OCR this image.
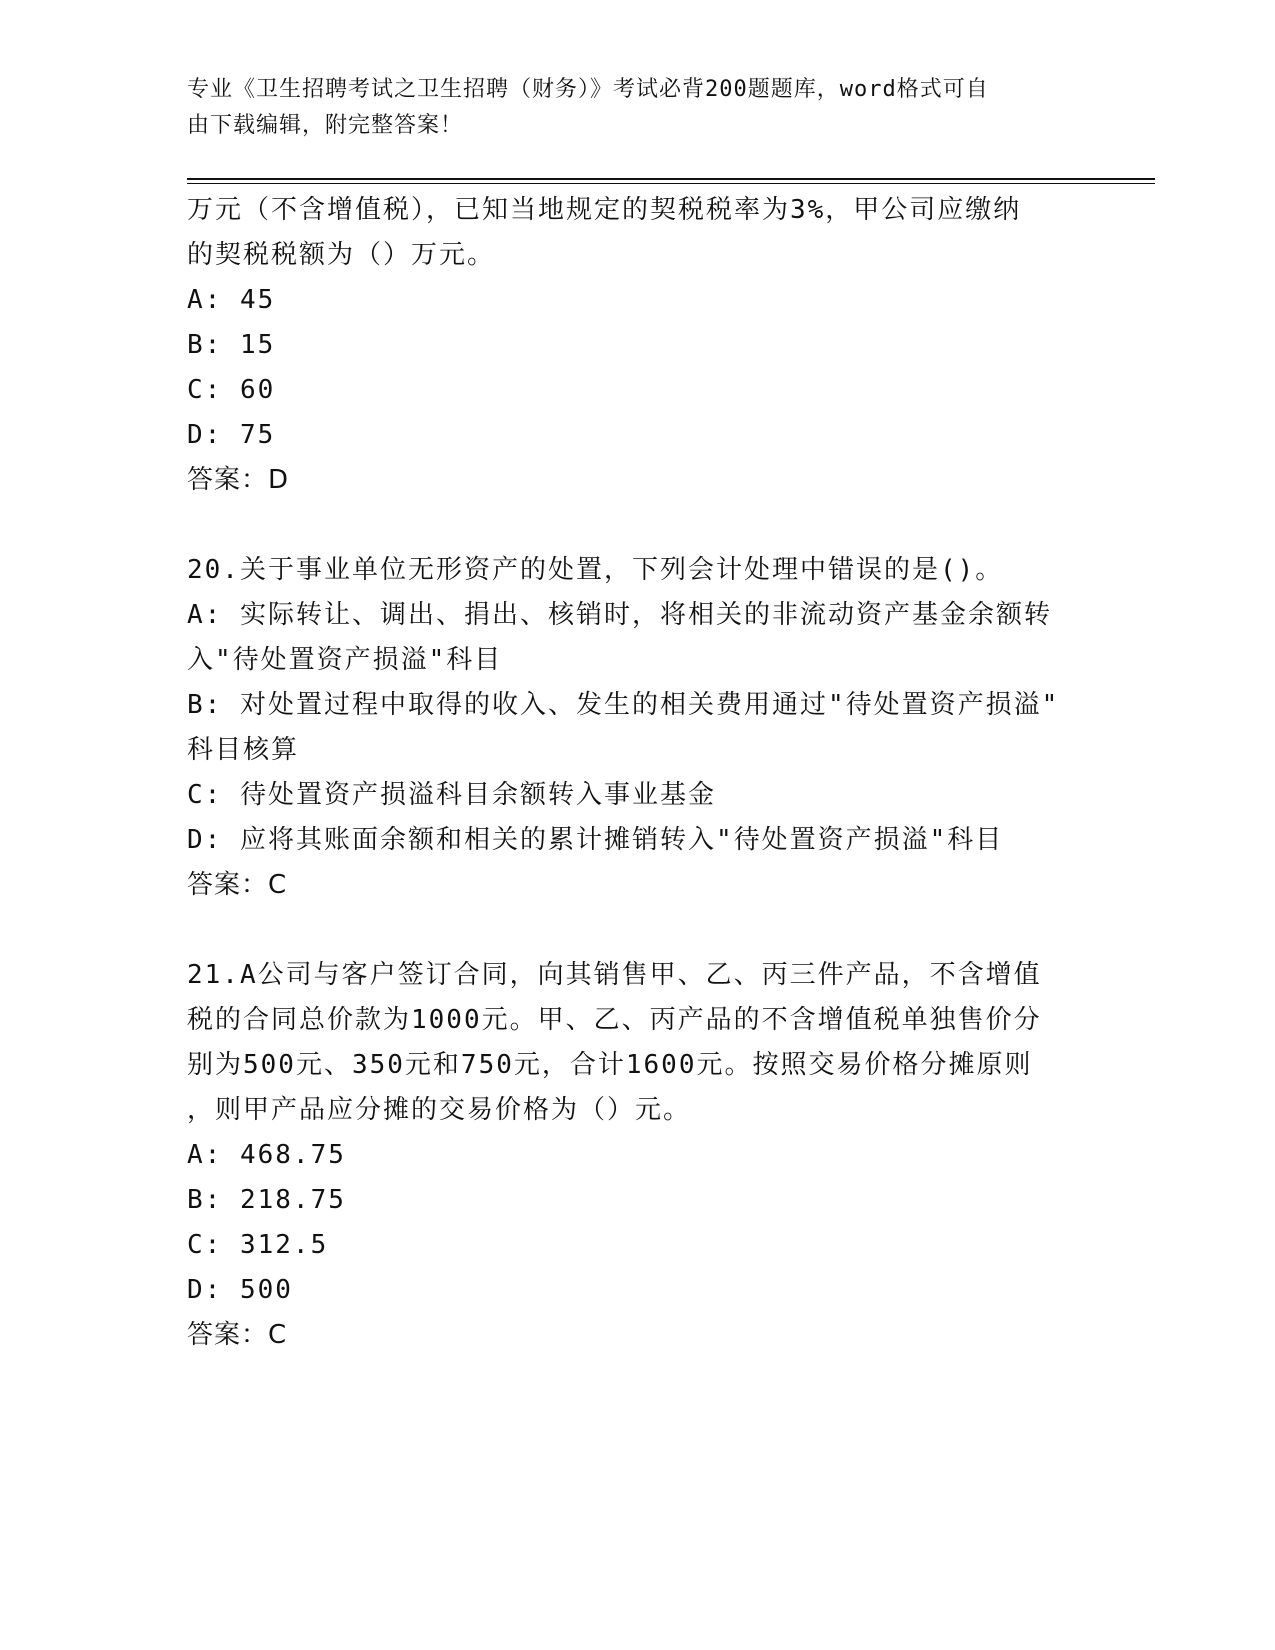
专业《卫生招聘考试之卫生招聘（财务）》考试必背200题题库，word格式可自
由下载编辑，附完整答案！
万元（不含增值税），已知当地规定的契税税率为3%，甲公司应缴纳
的契税税额为（）万元。
A: 45
B: 15
C: 60
D: 75
答案：D
20.关于事业单位无形资产的处置，下列会计处理中错误的是()。
A: 实际转让、调出、捐出、核销时，将相关的非流动资产基金余额转
入"待处置资产损溢"科目
B: 对处置过程中取得的收入、发生的相关费用通过"待处置资产损溢"
科目核算
C: 待处置资产损溢科目余额转入事业基金
D: 应将其账面余额和相关的累计摊销转入"待处置资产损溢"科目
答案：C
21.A公司与客户签订合同，向其销售甲、乙、丙三件产品，不含增值
税的合同总价款为1000元。甲、乙、丙产品的不含增值税单独售价分
别为500元、350元和750元，合计1600元。按照交易价格分摊原则
，则甲产品应分摊的交易价格为（）元。
A: 468.75
B: 218.75
C: 312.5
D: 500
答案：C
